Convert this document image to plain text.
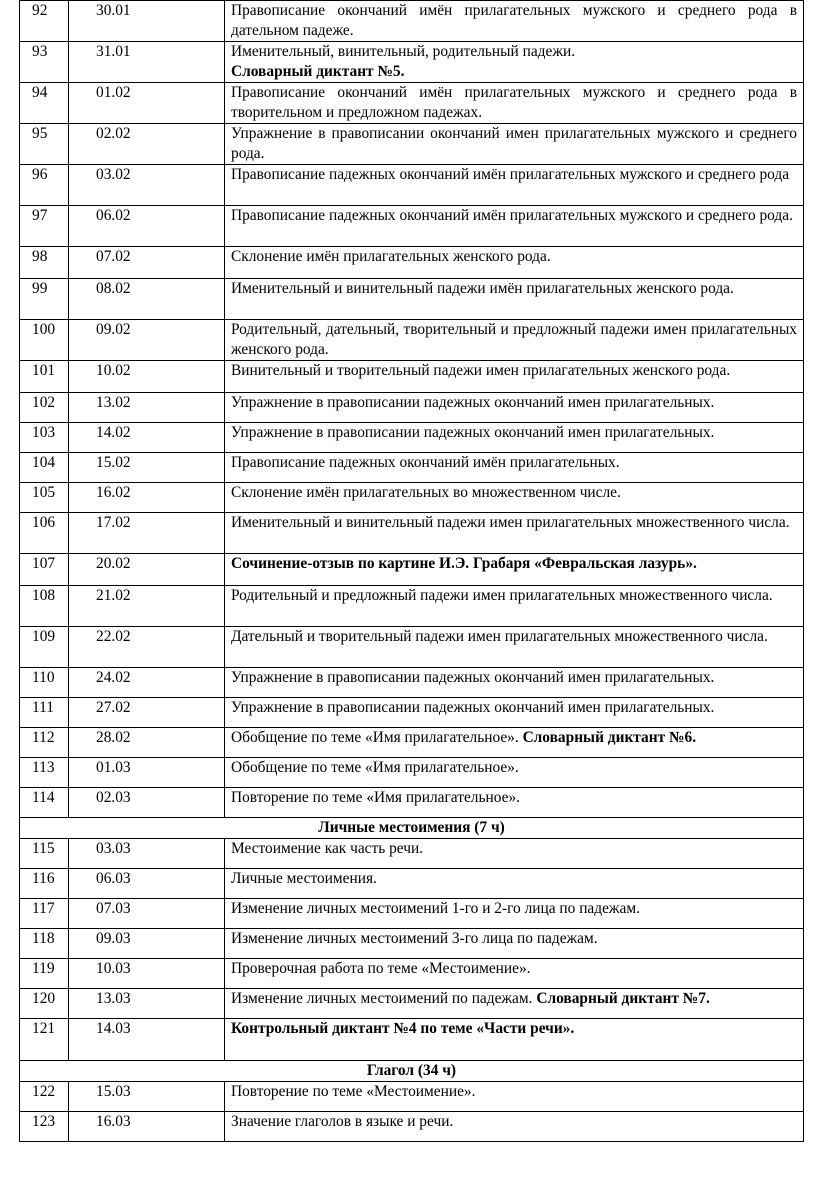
92	30.01	Правописание окончаний имён прилагательных мужского и среднего рода в дательном падеже.
93	31.01	Именительный, винительный, родительный падежи.
Словарный диктант №5.
94	01.02	Правописание окончаний имён прилагательных мужского и среднего рода в творительном и предложном падежах.
95	02.02	Упражнение в правописании окончаний имен прилагательных мужского и среднего рода.
96	03.02	Правописание падежных окончаний имён прилагательных мужского и среднего рода
97	06.02	Правописание падежных окончаний имён прилагательных мужского и среднего рода.
98	07.02	Склонение имён прилагательных женского рода.
99	08.02	Именительный и винительный падежи имён прилагательных женского рода.
100	09.02	Родительный, дательный, творительный и предложный падежи имен прилагательных женского рода.
101	10.02	Винительный и творительный падежи имен прилагательных женского рода.
102	13.02	Упражнение в правописании падежных окончаний имен прилагательных.
103	14.02	Упражнение в правописании падежных окончаний имен прилагательных.
104	15.02	Правописание падежных окончаний имён прилагательных.
105	16.02	Склонение имён прилагательных во множественном числе.
106	17.02	Именительный и винительный падежи имен прилагательных множественного числа.
107	20.02	Сочинение-отзыв по картине И.Э. Грабаря «Февральская лазурь».
108	21.02	Родительный и предложный падежи имен прилагательных множественного числа.
109	22.02	Дательный и творительный падежи имен прилагательных множественного числа.
110	24.02	Упражнение в правописании падежных окончаний имен прилагательных.
111	27.02	Упражнение в правописании падежных окончаний имен прилагательных.
112	28.02	Обобщение по теме «Имя прилагательное». Словарный диктант №6.
113	01.03	Обобщение по теме «Имя прилагательное».
114	02.03	Повторение по теме «Имя прилагательное».
Личные местоимения (7 ч)		
115	03.03	Местоимение как часть речи.
116	06.03	Личные местоимения.
117	07.03	Изменение личных местоимений 1-го и 2-го лица по падежам.
118	09.03	Изменение личных местоимений 3-го лица по падежам.
119	10.03	Проверочная работа по теме «Местоимение».
120	13.03	Изменение личных местоимений по падежам. Словарный диктант №7.
121	14.03	Контрольный диктант №4 по теме «Части речи».
Глагол (34 ч)		
122	15.03	Повторение по теме «Местоимение».
123	16.03	Значение глаголов в языке и речи.
